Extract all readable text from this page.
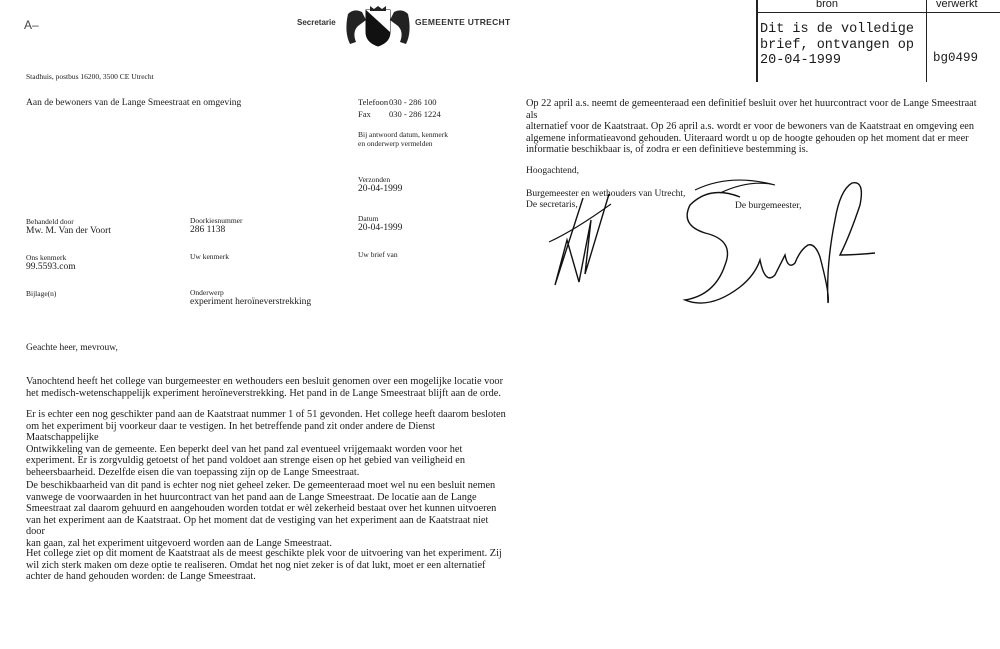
A–	Secretarie	GEMEENTE UTRECHT
Stadhuis, postbus 16200, 3500 CE Utrecht
bron	verwerkt
Dit is de volledige
brief, ontvangen op
20-04-1999	bg0499
Aan de bewoners van de Lange Smeestraat en omgeving	Telefoon 030 - 286 100
Fax 030 - 286 1224
Bij antwoord datum, kenmerk
en onderwerp vermelden
Verzonden
20-04-1999
Behandeld door
Mw. M. Van der Voort
Doorkiesnummer
286 1138
Datum
20-04-1999
Ons kenmerk
99.5593.com
Uw kenmerk	Uw brief van
Bijlage(n)	Onderwerp
experiment heroïneverstrekking
Geachte heer, mevrouw,
Vanochtend heeft het college van burgemeester en wethouders een besluit genomen over een mogelijke locatie voor
het medisch-wetenschappelijk experiment heroïneverstrekking. Het pand in de Lange Smeestraat blijft aan de orde.
Er is echter een nog geschikter pand aan de Kaatstraat nummer 1 of 51 gevonden. Het college heeft daarom besloten
om het experiment bij voorkeur daar te vestigen. In het betreffende pand zit onder andere de Dienst Maatschappelijke
Ontwikkeling van de gemeente. Een beperkt deel van het pand zal eventueel vrijgemaakt worden voor het
experiment. Er is zorgvuldig getoetst of het pand voldoet aan strenge eisen op het gebied van veiligheid en
beheersbaarheid. Dezelfde eisen die van toepassing zijn op de Lange Smeestraat.
De beschikbaarheid van dit pand is echter nog niet geheel zeker. De gemeenteraad moet wel nu een besluit nemen
vanwege de voorwaarden in het huurcontract van het pand aan de Lange Smeestraat. De locatie aan de Lange
Smeestraat zal daarom gehuurd en aangehouden worden totdat er wèl zekerheid bestaat over het kunnen uitvoeren
van het experiment aan de Kaatstraat. Op het moment dat de vestiging van het experiment aan de Kaatstraat niet door
kan gaan, zal het experiment uitgevoerd worden aan de Lange Smeestraat.
Het college ziet op dit moment de Kaatstraat als de meest geschikte plek voor de uitvoering van het experiment. Zij
wil zich sterk maken om deze optie te realiseren. Omdat het nog niet zeker is of dat lukt, moet er een alternatief
achter de hand gehouden worden: de Lange Smeestraat.
Op 22 april a.s. neemt de gemeenteraad een definitief besluit over het huurcontract voor de Lange Smeestraat als
alternatief voor de Kaatstraat. Op 26 april a.s. wordt er voor de bewoners van de Kaatstraat en omgeving een
algemene informatieavond gehouden. Uiteraard wordt u op de hoogte gehouden op het moment dat er meer
informatie beschikbaar is, of zodra er een definitieve bestemming is.
Hoogachtend,
Burgemeester en wethouders van Utrecht,
De secretaris,	De burgemeester,
